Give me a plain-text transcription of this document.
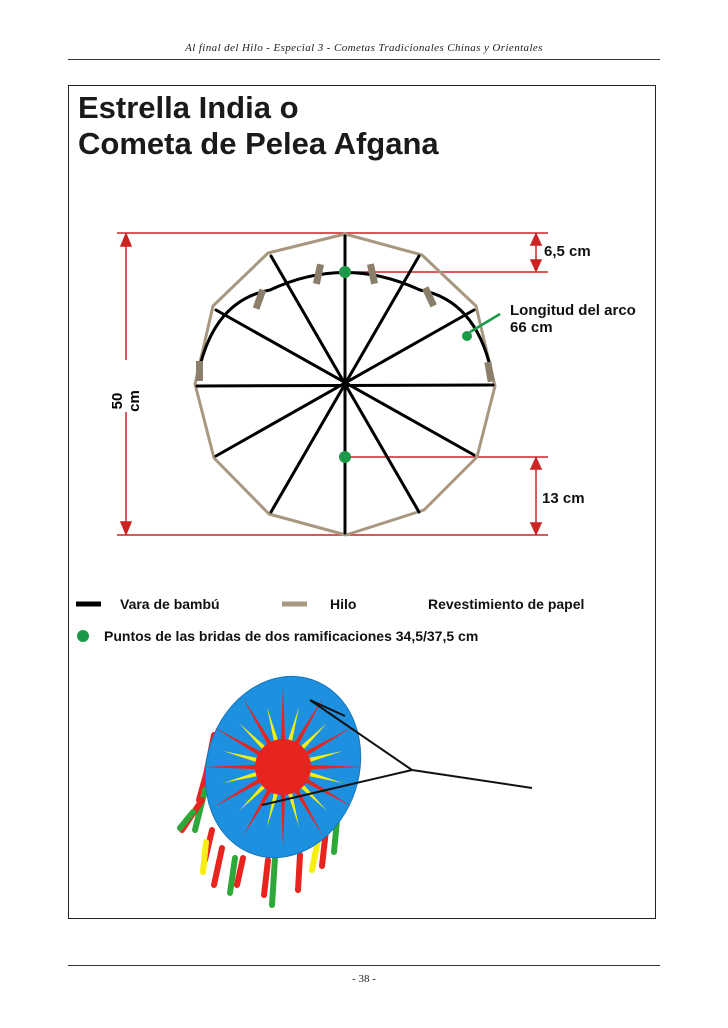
Al final del Hilo - Especial 3 - Cometas Tradicionales Chinas y Orientales
Estrella India o
Cometa de Pelea Afgana
6,5 cm
Longitud del arco
66 cm
50 cm
13 cm
Vara de bambú	Hilo	Revestimiento de papel
Puntos de las bridas de dos ramificaciones 34,5/37,5 cm
- 38 -
